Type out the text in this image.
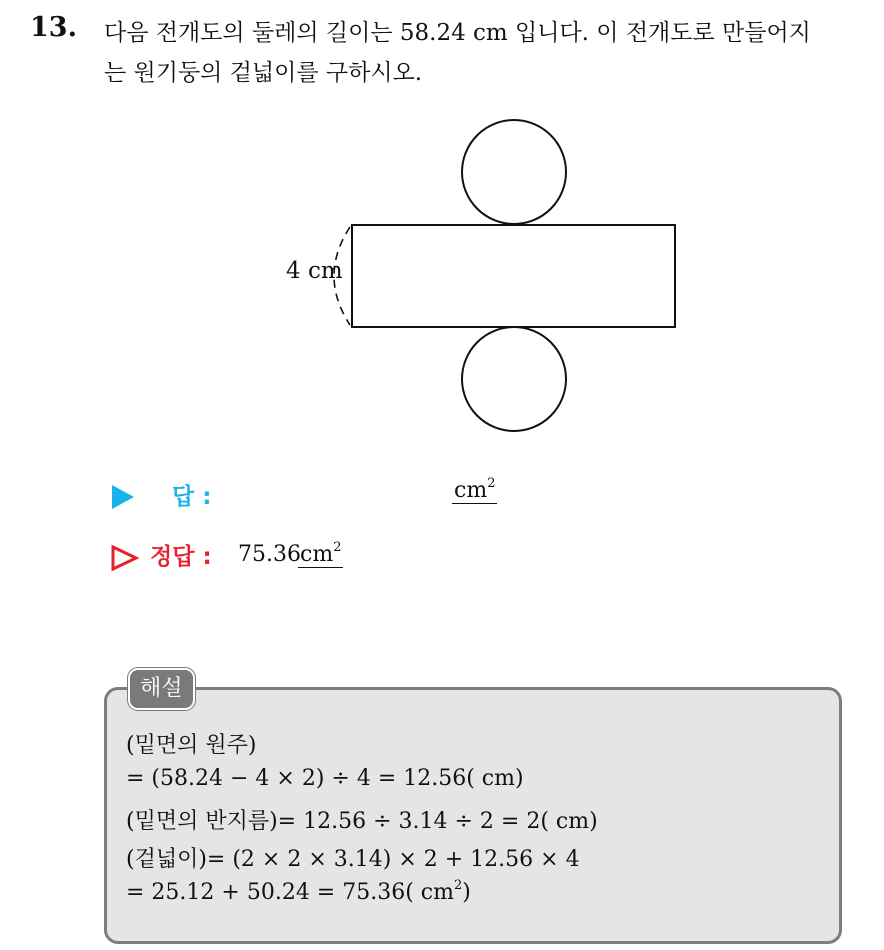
13. 다음 전개도의 둘레의 길이는 58.24 cm 입니다. 이 전개도로 만들어지
는 원기둥의 겉넓이를 구하시오.
4 cm
답 :	$cm^2$
정답 : 75.36 $cm^2$
해설
(밑면의 원주)
= (58.24 − 4 × 2) ÷ 4 = 12.56( cm)
(밑면의 반지름)= 12.56 ÷ 3.14 ÷ 2 = 2( cm)
(겉넓이)= (2 × 2 × 3.14) × 2 + 12.56 × 4
= 25.12 + 50.24 = 75.36( $cm^2$)
